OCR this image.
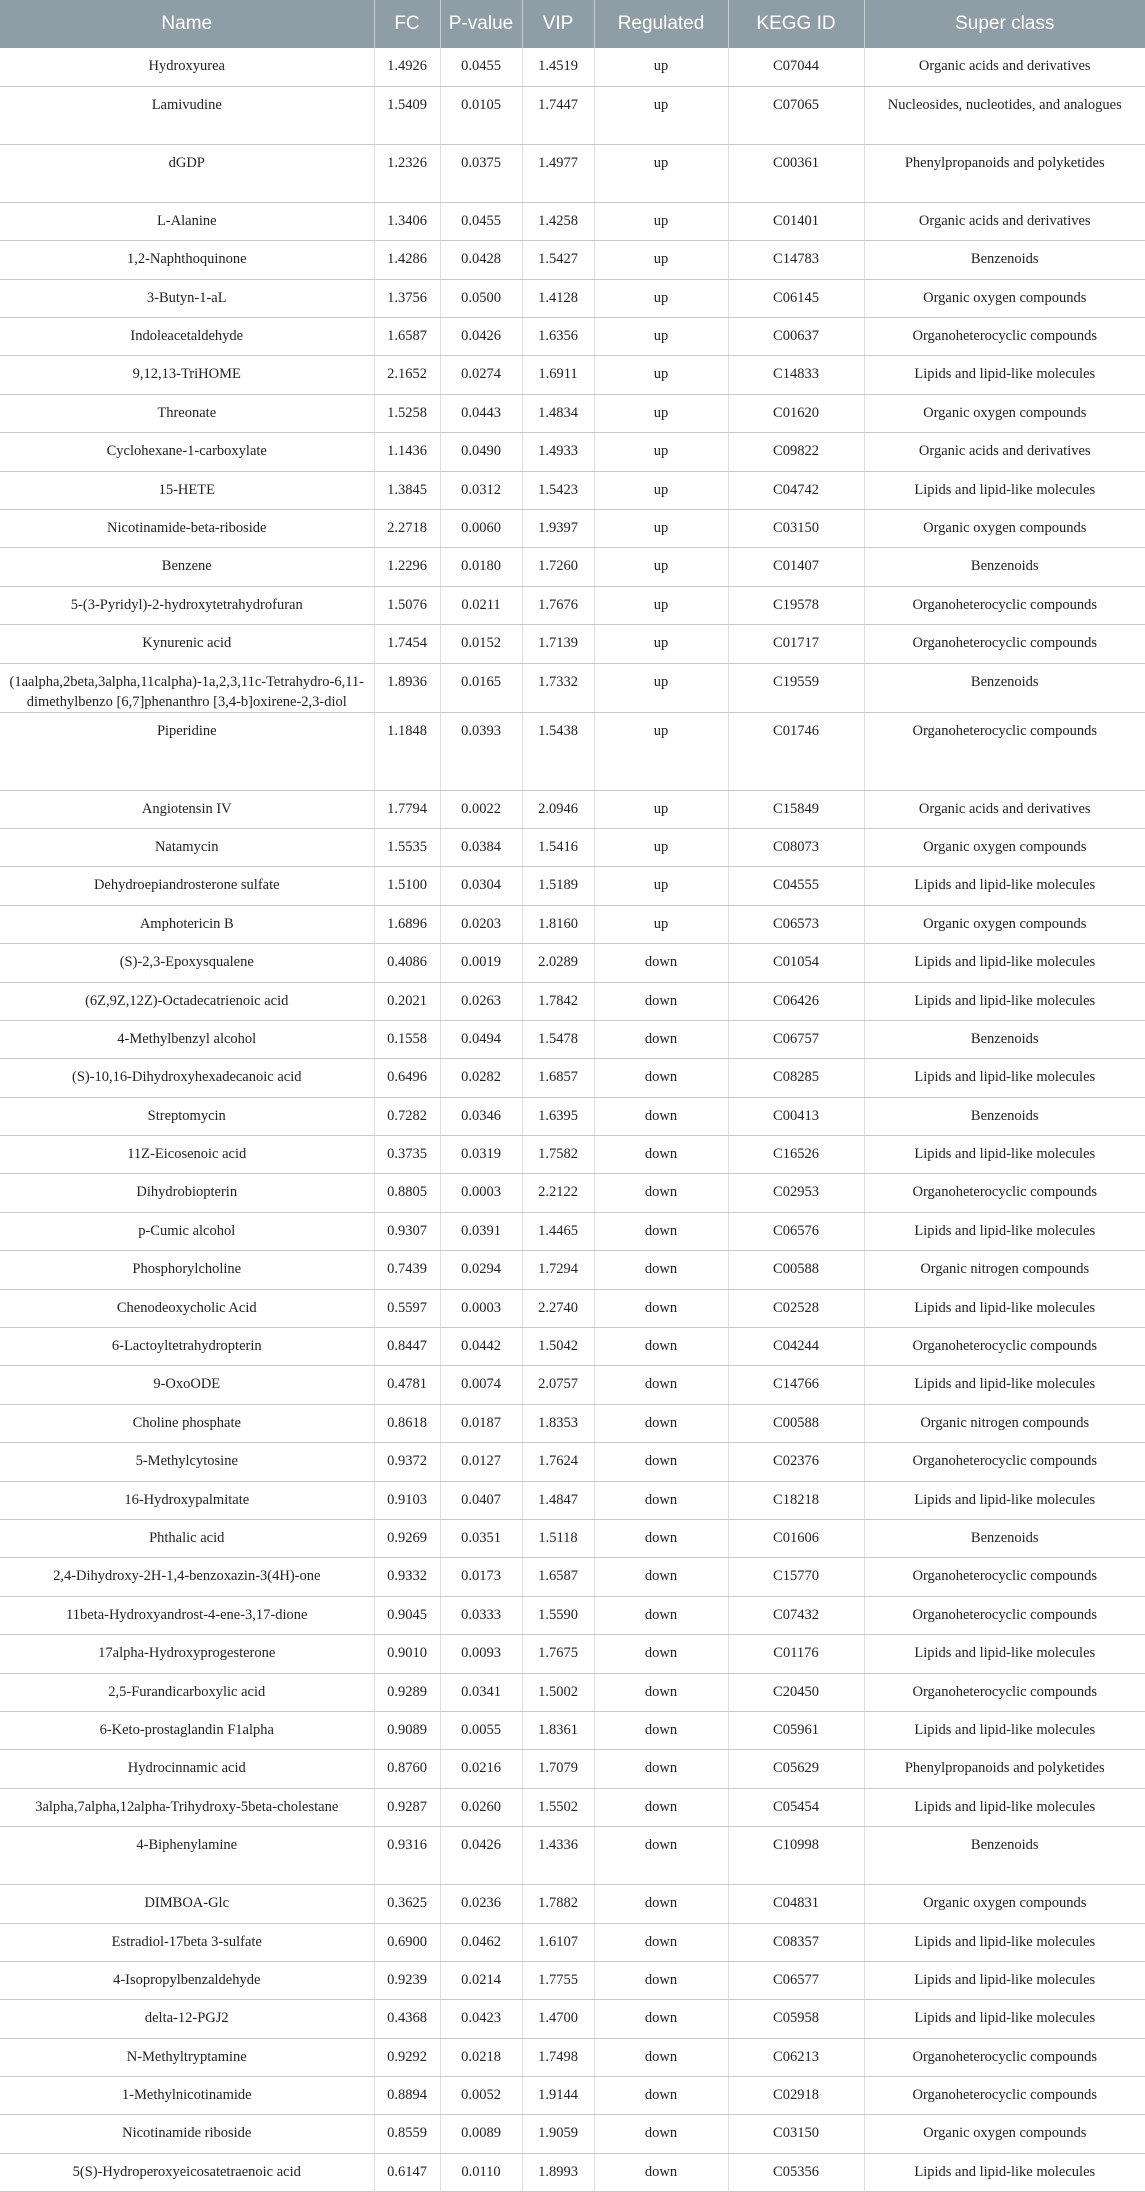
Name	FC	P-value	VIP	Regulated	KEGG ID	Super class
Hydroxyurea	1.4926	0.0455	1.4519	up	C07044	Organic acids and derivatives
Lamivudine	1.5409	0.0105	1.7447	up	C07065	Nucleosides, nucleotides, and analogues
dGDP	1.2326	0.0375	1.4977	up	C00361	Phenylpropanoids and polyketides
L-Alanine	1.3406	0.0455	1.4258	up	C01401	Organic acids and derivatives
1,2-Naphthoquinone	1.4286	0.0428	1.5427	up	C14783	Benzenoids
3-Butyn-1-aL	1.3756	0.0500	1.4128	up	C06145	Organic oxygen compounds
Indoleacetaldehyde	1.6587	0.0426	1.6356	up	C00637	Organoheterocyclic compounds
9,12,13-TriHOME	2.1652	0.0274	1.6911	up	C14833	Lipids and lipid-like molecules
Threonate	1.5258	0.0443	1.4834	up	C01620	Organic oxygen compounds
Cyclohexane-1-carboxylate	1.1436	0.0490	1.4933	up	C09822	Organic acids and derivatives
15-HETE	1.3845	0.0312	1.5423	up	C04742	Lipids and lipid-like molecules
Nicotinamide-beta-riboside	2.2718	0.0060	1.9397	up	C03150	Organic oxygen compounds
Benzene	1.2296	0.0180	1.7260	up	C01407	Benzenoids
5-(3-Pyridyl)-2-hydroxytetrahydrofuran	1.5076	0.0211	1.7676	up	C19578	Organoheterocyclic compounds
Kynurenic acid	1.7454	0.0152	1.7139	up	C01717	Organoheterocyclic compounds
(1aalpha,2beta,3alpha,11calpha)-1a,2,3,11c-Tetrahydro-6,11-dimethylbenzo [6,7]phenanthro [3,4-b]oxirene-2,3-diol	1.8936	0.0165	1.7332	up	C19559	Benzenoids
Piperidine	1.1848	0.0393	1.5438	up	C01746	Organoheterocyclic compounds
Angiotensin IV	1.7794	0.0022	2.0946	up	C15849	Organic acids and derivatives
Natamycin	1.5535	0.0384	1.5416	up	C08073	Organic oxygen compounds
Dehydroepiandrosterone sulfate	1.5100	0.0304	1.5189	up	C04555	Lipids and lipid-like molecules
Amphotericin B	1.6896	0.0203	1.8160	up	C06573	Organic oxygen compounds
(S)-2,3-Epoxysqualene	0.4086	0.0019	2.0289	down	C01054	Lipids and lipid-like molecules
(6Z,9Z,12Z)-Octadecatrienoic acid	0.2021	0.0263	1.7842	down	C06426	Lipids and lipid-like molecules
4-Methylbenzyl alcohol	0.1558	0.0494	1.5478	down	C06757	Benzenoids
(S)-10,16-Dihydroxyhexadecanoic acid	0.6496	0.0282	1.6857	down	C08285	Lipids and lipid-like molecules
Streptomycin	0.7282	0.0346	1.6395	down	C00413	Benzenoids
11Z-Eicosenoic acid	0.3735	0.0319	1.7582	down	C16526	Lipids and lipid-like molecules
Dihydrobiopterin	0.8805	0.0003	2.2122	down	C02953	Organoheterocyclic compounds
p-Cumic alcohol	0.9307	0.0391	1.4465	down	C06576	Lipids and lipid-like molecules
Phosphorylcholine	0.7439	0.0294	1.7294	down	C00588	Organic nitrogen compounds
Chenodeoxycholic Acid	0.5597	0.0003	2.2740	down	C02528	Lipids and lipid-like molecules
6-Lactoyltetrahydropterin	0.8447	0.0442	1.5042	down	C04244	Organoheterocyclic compounds
9-OxoODE	0.4781	0.0074	2.0757	down	C14766	Lipids and lipid-like molecules
Choline phosphate	0.8618	0.0187	1.8353	down	C00588	Organic nitrogen compounds
5-Methylcytosine	0.9372	0.0127	1.7624	down	C02376	Organoheterocyclic compounds
16-Hydroxypalmitate	0.9103	0.0407	1.4847	down	C18218	Lipids and lipid-like molecules
Phthalic acid	0.9269	0.0351	1.5118	down	C01606	Benzenoids
2,4-Dihydroxy-2H-1,4-benzoxazin-3(4H)-one	0.9332	0.0173	1.6587	down	C15770	Organoheterocyclic compounds
11beta-Hydroxyandrost-4-ene-3,17-dione	0.9045	0.0333	1.5590	down	C07432	Organoheterocyclic compounds
17alpha-Hydroxyprogesterone	0.9010	0.0093	1.7675	down	C01176	Lipids and lipid-like molecules
2,5-Furandicarboxylic acid	0.9289	0.0341	1.5002	down	C20450	Organoheterocyclic compounds
6-Keto-prostaglandin F1alpha	0.9089	0.0055	1.8361	down	C05961	Lipids and lipid-like molecules
Hydrocinnamic acid	0.8760	0.0216	1.7079	down	C05629	Phenylpropanoids and polyketides
3alpha,7alpha,12alpha-Trihydroxy-5beta-cholestane	0.9287	0.0260	1.5502	down	C05454	Lipids and lipid-like molecules
4-Biphenylamine	0.9316	0.0426	1.4336	down	C10998	Benzenoids
DIMBOA-Glc	0.3625	0.0236	1.7882	down	C04831	Organic oxygen compounds
Estradiol-17beta 3-sulfate	0.6900	0.0462	1.6107	down	C08357	Lipids and lipid-like molecules
4-Isopropylbenzaldehyde	0.9239	0.0214	1.7755	down	C06577	Lipids and lipid-like molecules
delta-12-PGJ2	0.4368	0.0423	1.4700	down	C05958	Lipids and lipid-like molecules
N-Methyltryptamine	0.9292	0.0218	1.7498	down	C06213	Organoheterocyclic compounds
1-Methylnicotinamide	0.8894	0.0052	1.9144	down	C02918	Organoheterocyclic compounds
Nicotinamide riboside	0.8559	0.0089	1.9059	down	C03150	Organic oxygen compounds
5(S)-Hydroperoxyeicosatetraenoic acid	0.6147	0.0110	1.8993	down	C05356	Lipids and lipid-like molecules
